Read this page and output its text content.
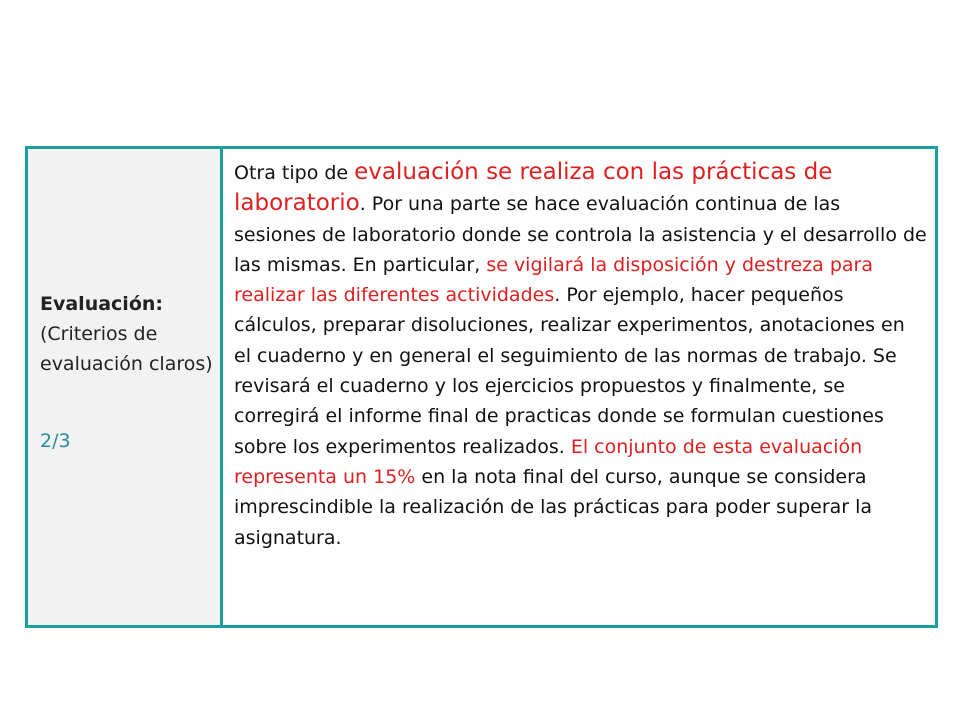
Evaluación:
(Criterios de evaluación claros)
2/3
Otra tipo de evaluación se realiza con las prácticas de laboratorio. Por una parte se hace evaluación continua de las sesiones de laboratorio donde se controla la asistencia y el desarrollo de las mismas. En particular, se vigilará la disposición y destreza para realizar las diferentes actividades. Por ejemplo, hacer pequeños cálculos, preparar disoluciones, realizar experimentos, anotaciones en el cuaderno y en general el seguimiento de las normas de trabajo. Se revisará el cuaderno y los ejercicios propuestos y finalmente, se corregirá el informe final de practicas donde se formulan cuestiones sobre los experimentos realizados. El conjunto de esta evaluación representa un 15% en la nota final del curso, aunque se considera imprescindible la realización de las prácticas para poder superar la asignatura.
